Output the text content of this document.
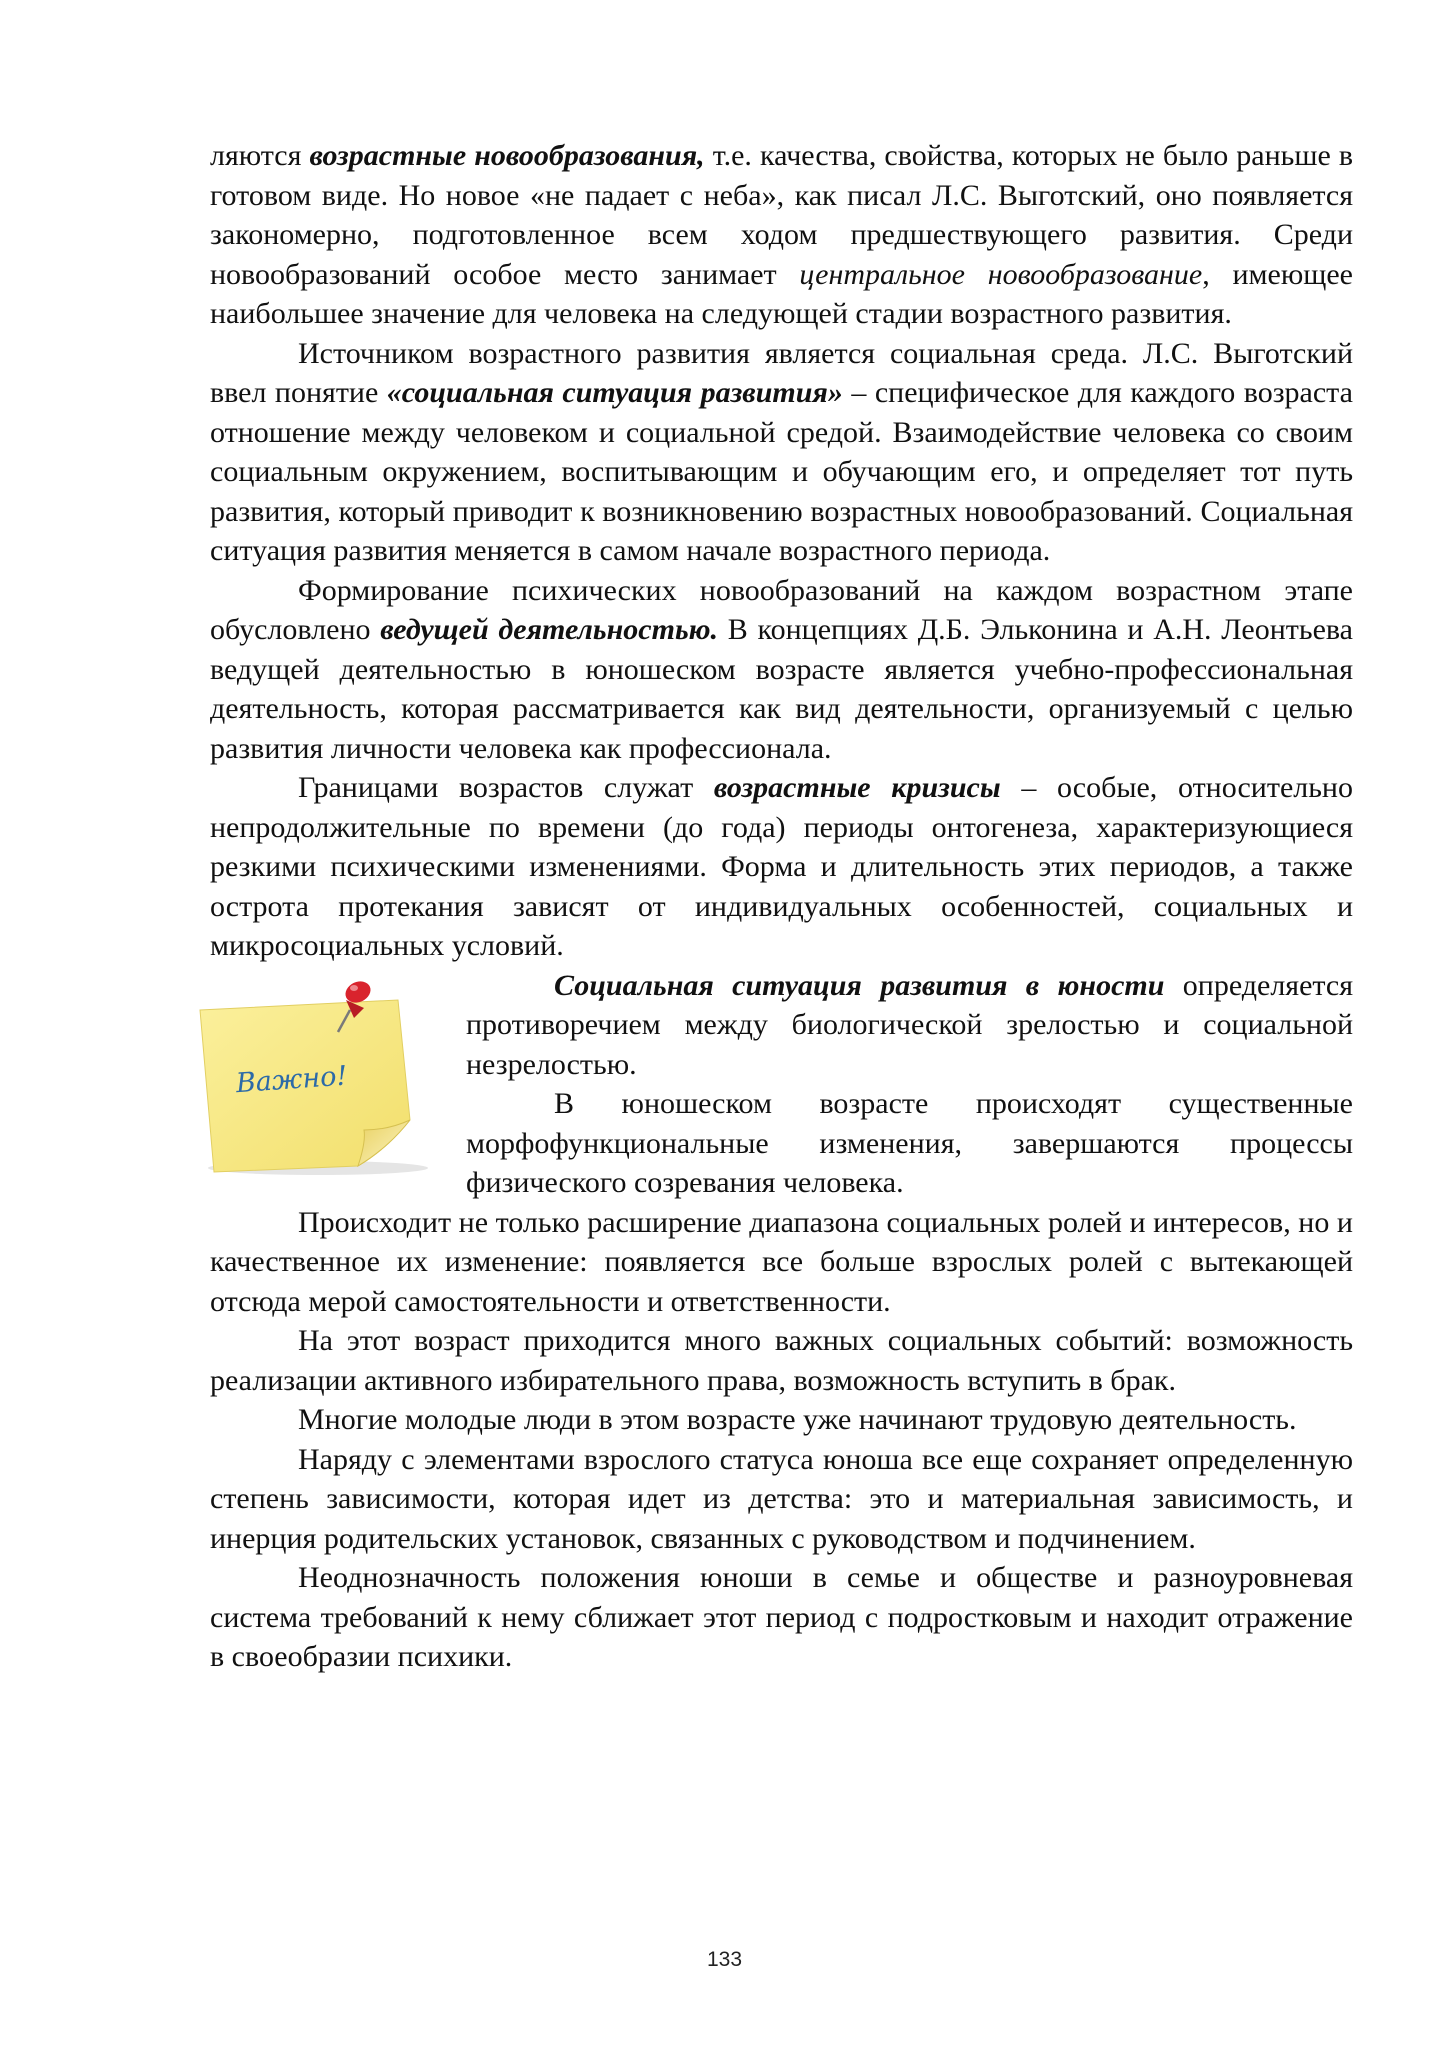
ляются возрастные новообразования, т.е. качества, свойства, которых не было раньше в готовом виде. Но новое «не падает с неба», как писал Л.С. Выготский, оно появляется закономерно, подготовленное всем ходом предшествующего развития. Среди новообразований особое место занимает центральное новообразование, имеющее наибольшее значение для человека на следующей стадии возрастного развития.

Источником возрастного развития является социальная среда. Л.С. Выготский ввел понятие «социальная ситуация развития» – специфическое для каждого возраста отношение между человеком и социальной средой. Взаимодействие человека со своим социальным окружением, воспитывающим и обучающим его, и определяет тот путь развития, который приводит к возникновению возрастных новообразований. Социальная ситуация развития меняется в самом начале возрастного периода.

Формирование психических новообразований на каждом возрастном этапе обусловлено ведущей деятельностью. В концепциях Д.Б. Эльконина и А.Н. Леонтьева ведущей деятельностью в юношеском возрасте является учебно-профессиональная деятельность, которая рассматривается как вид деятельности, организуемый с целью развития личности человека как профессионала.

Границами возрастов служат возрастные кризисы – особые, относительно непродолжительные по времени (до года) периоды онтогенеза, характеризующиеся резкими психическими изменениями. Форма и длительность этих периодов, а также острота протекания зависят от индивидуальных особенностей, социальных и микросоциальных условий.

Важно!

Социальная ситуация развития в юности определяется противоречием между биологической зрелостью и социальной незрелостью.

В юношеском возрасте происходят существенные морфофункциональные изменения, завершаются процессы физического созревания человека.

Происходит не только расширение диапазона социальных ролей и интересов, но и качественное их изменение: появляется все больше взрослых ролей с вытекающей отсюда мерой самостоятельности и ответственности.

На этот возраст приходится много важных социальных событий: возможность реализации активного избирательного права, возможность вступить в брак.

Многие молодые люди в этом возрасте уже начинают трудовую деятельность.

Наряду с элементами взрослого статуса юноша все еще сохраняет определенную степень зависимости, которая идет из детства: это и материальная зависимость, и инерция родительских установок, связанных с руководством и подчинением.

Неоднозначность положения юноши в семье и обществе и разноуровневая система требований к нему сближает этот период с подростковым и находит отражение в своеобразии психики.

133
